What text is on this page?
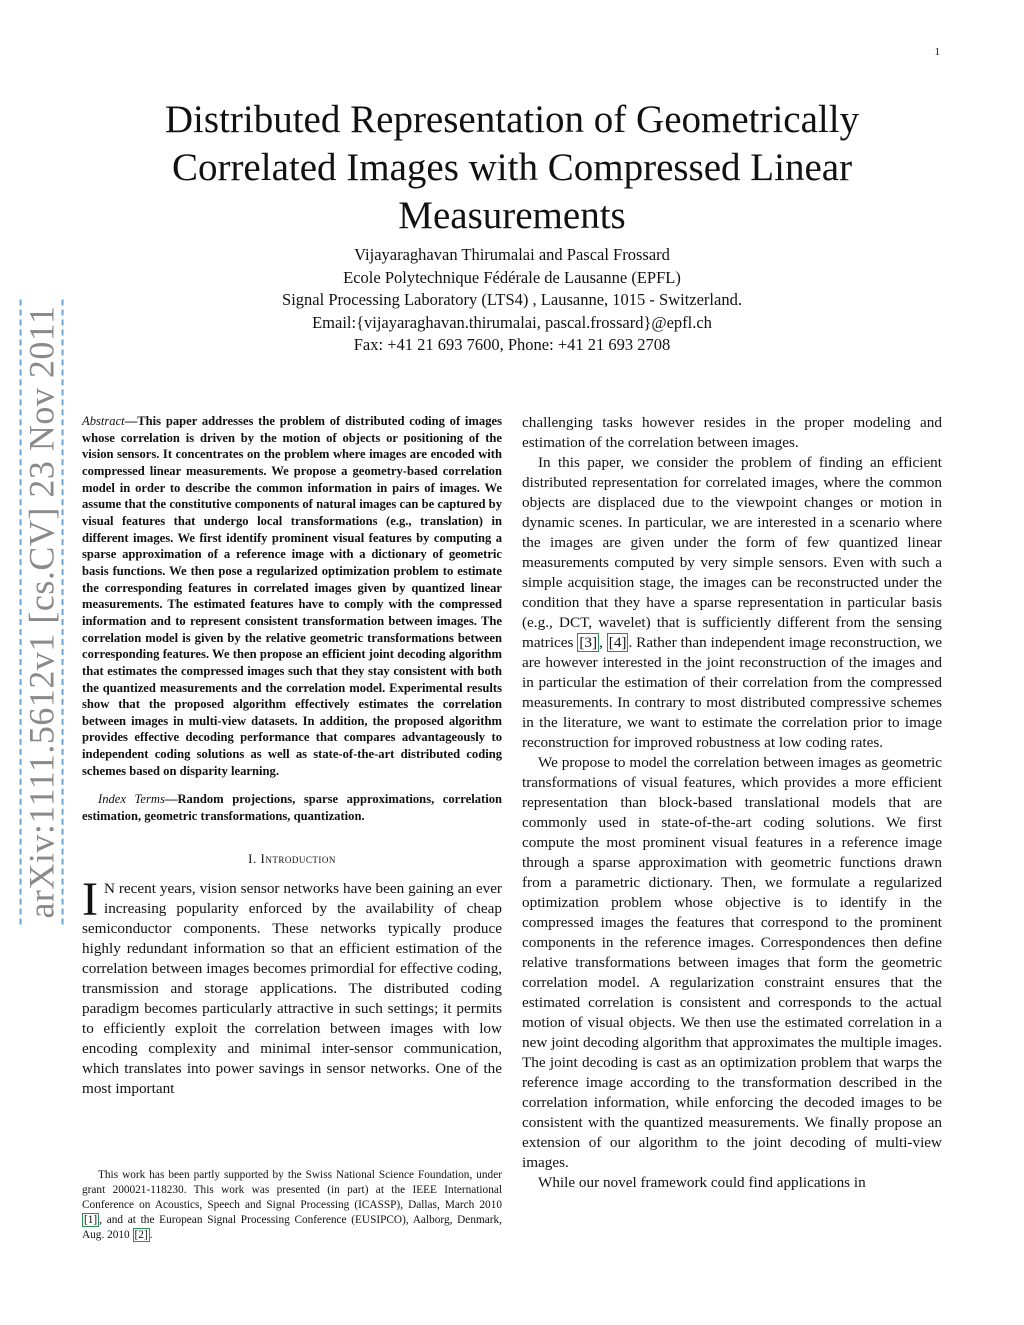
1
arXiv:1111.5612v1 [cs.CV] 23 Nov 2011
Distributed Representation of Geometrically Correlated Images with Compressed Linear Measurements
Vijayaraghavan Thirumalai and Pascal Frossard
Ecole Polytechnique Fédérale de Lausanne (EPFL)
Signal Processing Laboratory (LTS4) , Lausanne, 1015 - Switzerland.
Email:{vijayaraghavan.thirumalai, pascal.frossard}@epfl.ch
Fax: +41 21 693 7600, Phone: +41 21 693 2708

Abstract—This paper addresses the problem of distributed coding of images whose correlation is driven by the motion of objects or positioning of the vision sensors. It concentrates on the problem where images are encoded with compressed linear measurements. We propose a geometry-based correlation model in order to describe the common information in pairs of images. We assume that the constitutive components of natural images can be captured by visual features that undergo local transformations (e.g., translation) in different images. We first identify prominent visual features by computing a sparse approximation of a reference image with a dictionary of geometric basis functions. We then pose a regularized optimization problem to estimate the corresponding features in correlated images given by quantized linear measurements. The estimated features have to comply with the compressed information and to represent consistent transformation between images. The correlation model is given by the relative geometric transformations between corresponding features. We then propose an efficient joint decoding algorithm that estimates the compressed images such that they stay consistent with both the quantized measurements and the correlation model. Experimental results show that the proposed algorithm effectively estimates the correlation between images in multi-view datasets. In addition, the proposed algorithm provides effective decoding performance that compares advantageously to independent coding solutions as well as state-of-the-art distributed coding schemes based on disparity learning.

Index Terms—Random projections, sparse approximations, correlation estimation, geometric transformations, quantization.

I. Introduction

I N recent years, vision sensor networks have been gaining an ever increasing popularity enforced by the availability of cheap semiconductor components. These networks typically produce highly redundant information so that an efficient estimation of the correlation between images becomes primordial for effective coding, transmission and storage applications. The distributed coding paradigm becomes particularly attractive in such settings; it permits to efficiently exploit the correlation between images with low encoding complexity and minimal inter-sensor communication, which translates into power savings in sensor networks. One of the most important

This work has been partly supported by the Swiss National Science Foundation, under grant 200021-118230. This work was presented (in part) at the IEEE International Conference on Acoustics, Speech and Signal Processing (ICASSP), Dallas, March 2010 [1] , and at the European Signal Processing Conference (EUSIPCO), Aalborg, Denmark, Aug. 2010 [2] .

challenging tasks however resides in the proper modeling and estimation of the correlation between images.

In this paper, we consider the problem of finding an efficient distributed representation for correlated images, where the common objects are displaced due to the viewpoint changes or motion in dynamic scenes. In particular, we are interested in a scenario where the images are given under the form of few quantized linear measurements computed by very simple sensors. Even with such a simple acquisition stage, the images can be reconstructed under the condition that they have a sparse representation in particular basis (e.g., DCT, wavelet) that is sufficiently different from the sensing matrices [3] , [4] . Rather than independent image reconstruction, we are however interested in the joint reconstruction of the images and in particular the estimation of their correlation from the compressed measurements. In contrary to most distributed compressive schemes in the literature, we want to estimate the correlation prior to image reconstruction for improved robustness at low coding rates.

We propose to model the correlation between images as geometric transformations of visual features, which provides a more efficient representation than block-based translational models that are commonly used in state-of-the-art coding solutions. We first compute the most prominent visual features in a reference image through a sparse approximation with geometric functions drawn from a parametric dictionary. Then, we formulate a regularized optimization problem whose objective is to identify in the compressed images the features that correspond to the prominent components in the reference images. Correspondences then define relative transformations between images that form the geometric correlation model. A regularization constraint ensures that the estimated correlation is consistent and corresponds to the actual motion of visual objects. We then use the estimated correlation in a new joint decoding algorithm that approximates the multiple images. The joint decoding is cast as an optimization problem that warps the reference image according to the transformation described in the correlation information, while enforcing the decoded images to be consistent with the quantized measurements. We finally propose an extension of our algorithm to the joint decoding of multi-view images.

While our novel framework could find applications in
